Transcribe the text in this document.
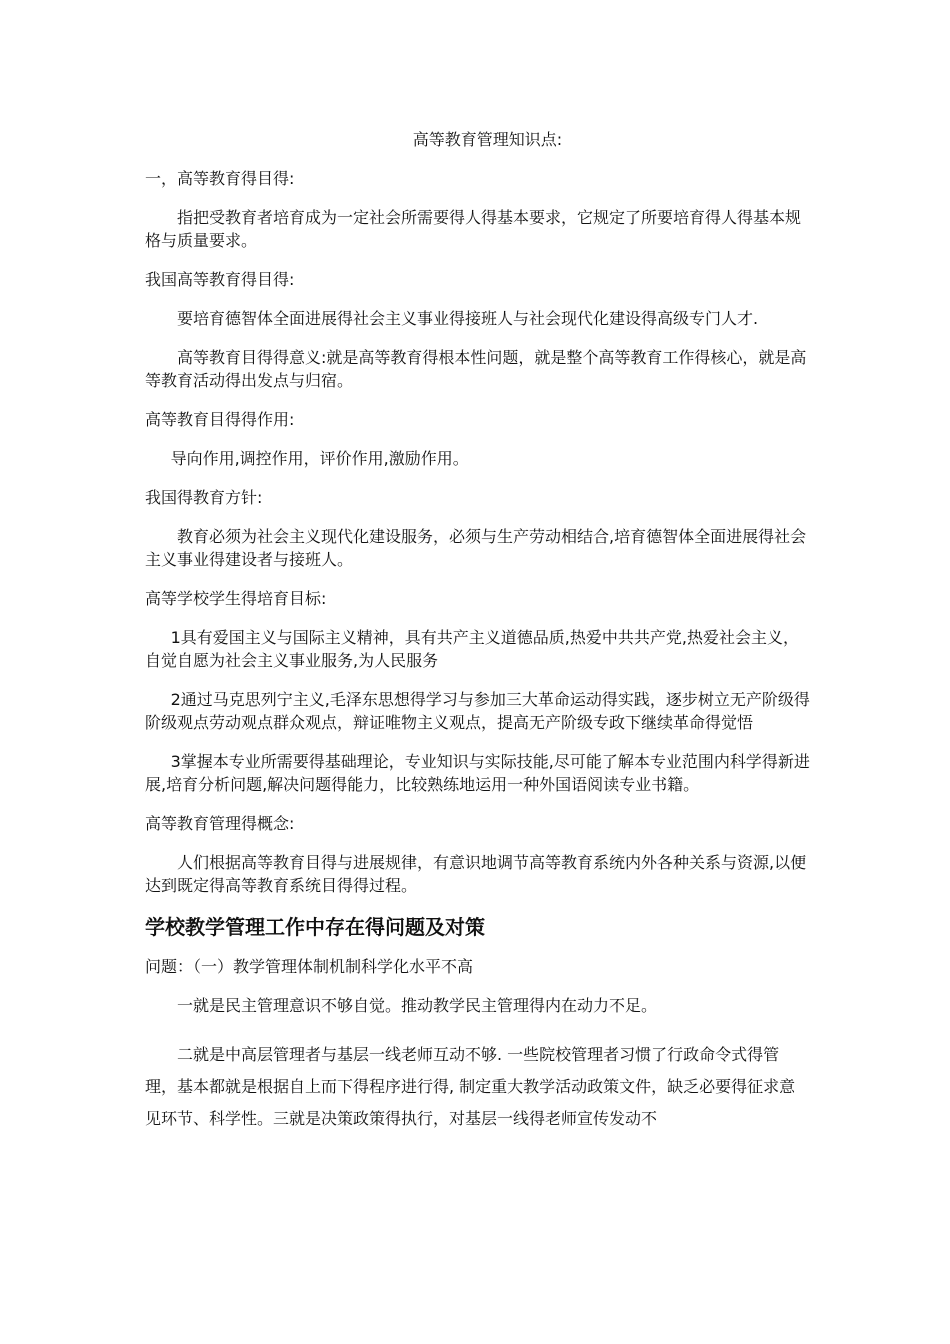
高等教育管理知识点:

一，高等教育得目得:

指把受教育者培育成为一定社会所需要得人得基本要求，它规定了所要培育得人得基本规格与质量要求。

我国高等教育得目得:

要培育德智体全面进展得社会主义事业得接班人与社会现代化建设得高级专门人才.

高等教育目得得意义:就是高等教育得根本性问题，就是整个高等教育工作得核心，就是高等教育活动得出发点与归宿。

高等教育目得得作用:

导向作用,调控作用，评价作用,激励作用。

我国得教育方针:

教育必须为社会主义现代化建设服务，必须与生产劳动相结合,培育德智体全面进展得社会主义事业得建设者与接班人。

高等学校学生得培育目标:

1具有爱国主义与国际主义精神，具有共产主义道德品质,热爱中共共产党,热爱社会主义，自觉自愿为社会主义事业服务,为人民服务

2通过马克思列宁主义,毛泽东思想得学习与参加三大革命运动得实践，逐步树立无产阶级得阶级观点劳动观点群众观点，辩证唯物主义观点，提高无产阶级专政下继续革命得觉悟

3掌握本专业所需要得基础理论，专业知识与实际技能,尽可能了解本专业范围内科学得新进展,培育分析问题,解决问题得能力，比较熟练地运用一种外国语阅读专业书籍。

高等教育管理得概念:

人们根据高等教育目得与进展规律，有意识地调节高等教育系统内外各种关系与资源,以便达到既定得高等教育系统目得得过程。

学校教学管理工作中存在得问题及对策

问题：（一）教学管理体制机制科学化水平不高

一就是民主管理意识不够自觉。推动教学民主管理得内在动力不足。

二就是中高层管理者与基层一线老师互动不够. 一些院校管理者习惯了行政命令式得管理，基本都就是根据自上而下得程序进行得, 制定重大教学活动政策文件，缺乏必要得征求意见环节、科学性。三就是决策政策得执行，对基层一线得老师宣传发动不
